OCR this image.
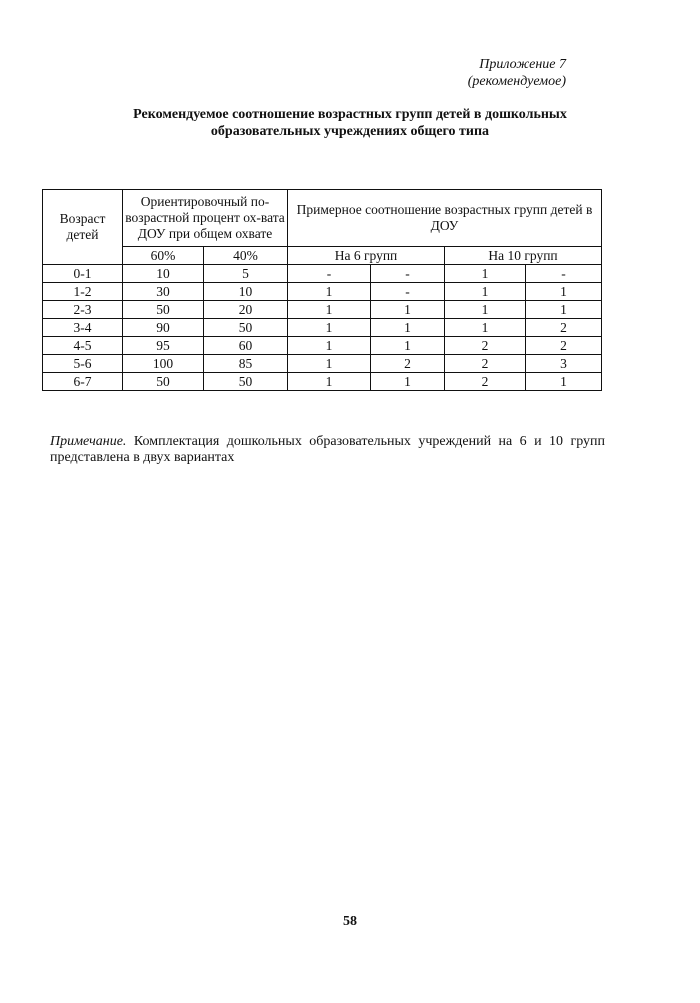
Приложение 7
(рекомендуемое)
Рекомендуемое соотношение возрастных групп детей в дошкольных
образовательных учреждениях общего типа
Возраст детей	Ориентировочный по-возрастной процент ох-вата ДОУ при общем охвате		Примерное соотношение возрастных групп детей в ДОУ			
	60%	40%	На 6 групп		На 10 групп	
0-1	10	5	-	-	1	-
1-2	30	10	1	-	1	1
2-3	50	20	1	1	1	1
3-4	90	50	1	1	1	2
4-5	95	60	1	1	2	2
5-6	100	85	1	2	2	3
6-7	50	50	1	1	2	1
Примечание. Комплектация дошкольных образовательных учреждений на 6 и 10 групп представлена в двух вариантах
58
